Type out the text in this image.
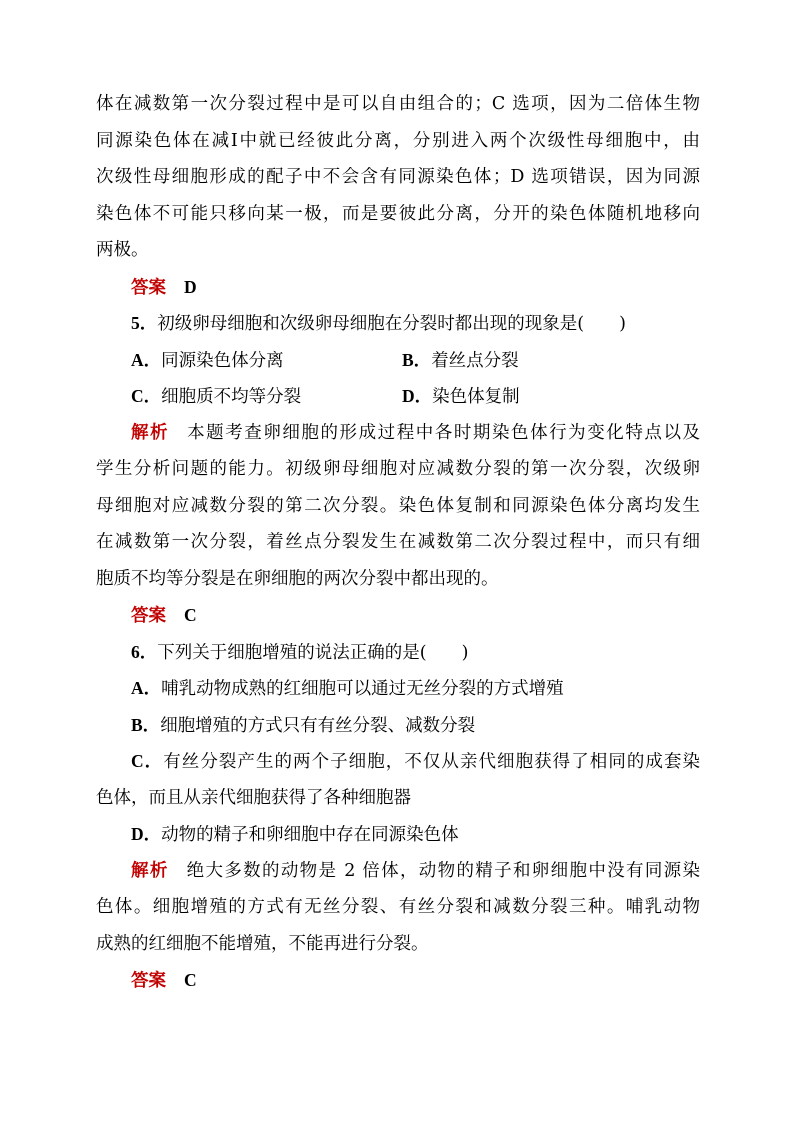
体在减数第一次分裂过程中是可以自由组合的；C 选项，因为二倍体生物
同源染色体在减Ⅰ中就已经彼此分离，分别进入两个次级性母细胞中，由
次级性母细胞形成的配子中不会含有同源染色体；D 选项错误，因为同源
染色体不可能只移向某一极，而是要彼此分离，分开的染色体随机地移向
两极。
答案 D
5．初级卵母细胞和次级卵母细胞在分裂时都出现的现象是(　　)
A．同源染色体分离	B．着丝点分裂
C．细胞质不均等分裂	D．染色体复制
解析 本题考查卵细胞的形成过程中各时期染色体行为变化特点以及
学生分析问题的能力。初级卵母细胞对应减数分裂的第一次分裂，次级卵
母细胞对应减数分裂的第二次分裂。染色体复制和同源染色体分离均发生
在减数第一次分裂，着丝点分裂发生在减数第二次分裂过程中，而只有细
胞质不均等分裂是在卵细胞的两次分裂中都出现的。
答案 C
6．下列关于细胞增殖的说法正确的是(　　)
A．哺乳动物成熟的红细胞可以通过无丝分裂的方式增殖
B．细胞增殖的方式只有有丝分裂、减数分裂
C．有丝分裂产生的两个子细胞，不仅从亲代细胞获得了相同的成套染
色体，而且从亲代细胞获得了各种细胞器
D．动物的精子和卵细胞中存在同源染色体
解析 绝大多数的动物是 2 倍体，动物的精子和卵细胞中没有同源染
色体。细胞增殖的方式有无丝分裂、有丝分裂和减数分裂三种。哺乳动物
成熟的红细胞不能增殖，不能再进行分裂。
答案 C
